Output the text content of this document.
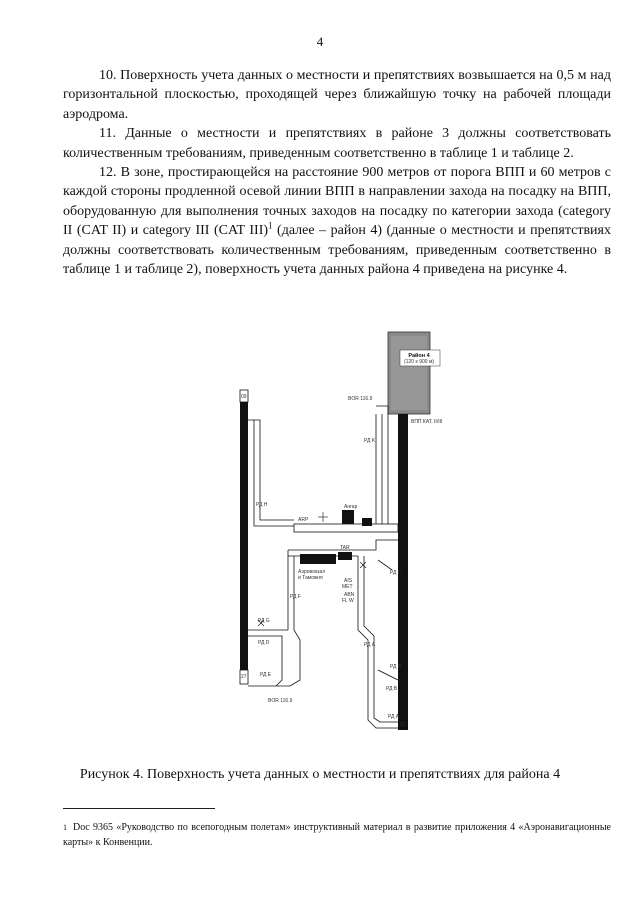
4

10. Поверхность учета данных о местности и препятствиях возвышается на 0,5 м над горизонтальной плоскостью, проходящей через ближайшую точку на рабочей площади аэродрома.

11. Данные о местности и препятствиях в районе 3 должны соответствовать количественным требованиям, приведенным соответственно в таблице 1 и таблице 2.

12. В зоне, простирающейся на расстояние 900 метров от порога ВПП и 60 метров с каждой стороны продленной осевой линии ВПП в направлении захода на посадку на ВПП, оборудованную для выполнения точных заходов на посадку по категории захода (category II (CAT II) и category III (CAT III)$^1$ (далее – район 4) (данные о местности и препятствиях должны соответствовать количественным требованиям, приведенным соответственно в таблице 1 и таблице 2), поверхность учета данных района 4 приведена на рисунке 4.

Район 4
(120 x 900 м)
ВПП КАТ. II/III
27
09
27
Ангар
ARP
Аэровокзал
и Таможня
TAR
AIS
MET
ABN
FL W
BOR 116.9
BOR 116.9
РД H
РД F
РД G
РД D
РД E
РД K
РД C
РД A
РД B
РД B
РД A
Рисунок 4. Поверхность учета данных о местности и препятствиях для района 4
$^1$ Doc 9365 «Руководство по всепогодным полетам» инструктивный материал в развитие приложения 4 «Аэронавигационные карты» к Конвенции.
